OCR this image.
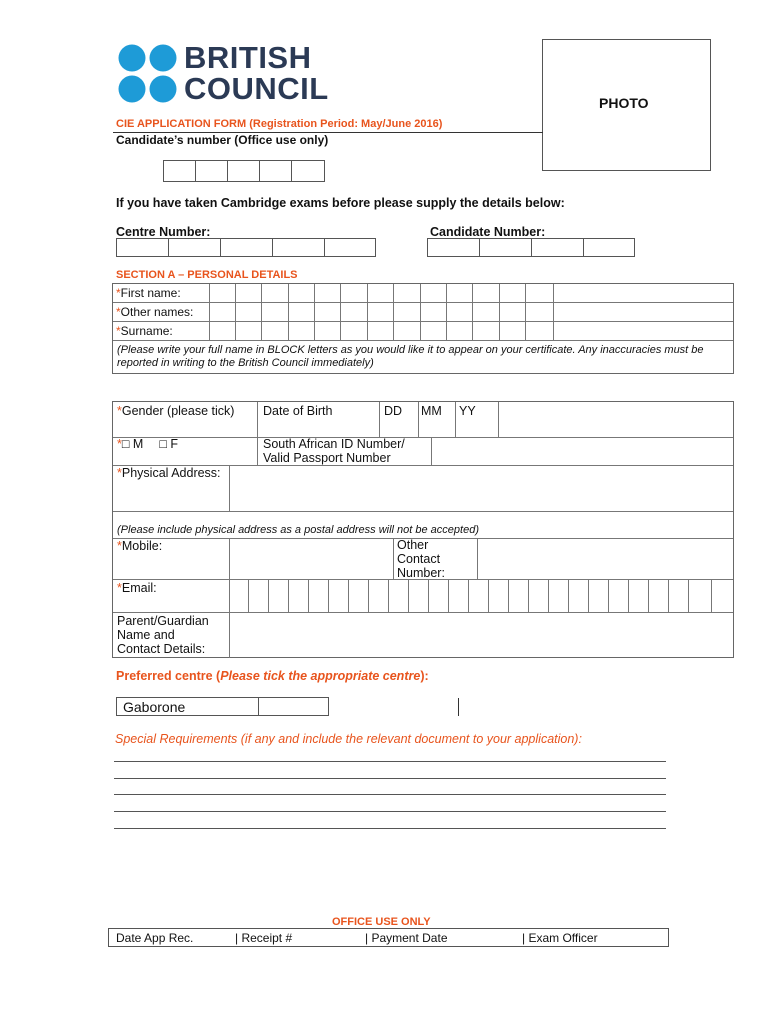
BRITISH
COUNCIL	PHOTO
CIE APPLICATION FORM (Registration Period: May/June 2016)
Candidate’s number (Office use only)
If you have taken Cambridge exams before please supply the details below:
Centre Number:	Candidate Number:
SECTION A – PERSONAL DETAILS
*First name:
*Other names:
*Surname:
(Please write your full name in BLOCK letters as you would like it to appear on your certificate. Any inaccuracies must be reported in writing to the British Council immediately)
*Gender (please tick) Date of Birth	DD MM YY
*□ M □ F	South African ID Number/ Valid Passport Number
*Physical Address:
(Please include physical address as a postal address will not be accepted)
*Mobile:	Other Contact Number:
*Email:
Parent/Guardian Name and Contact Details:
Preferred centre (Please tick the appropriate centre):
Gaborone
Special Requirements (if any and include the relevant document to your application):
OFFICE USE ONLY
Date App Rec.	| Receipt #	| Payment Date	| Exam Officer
